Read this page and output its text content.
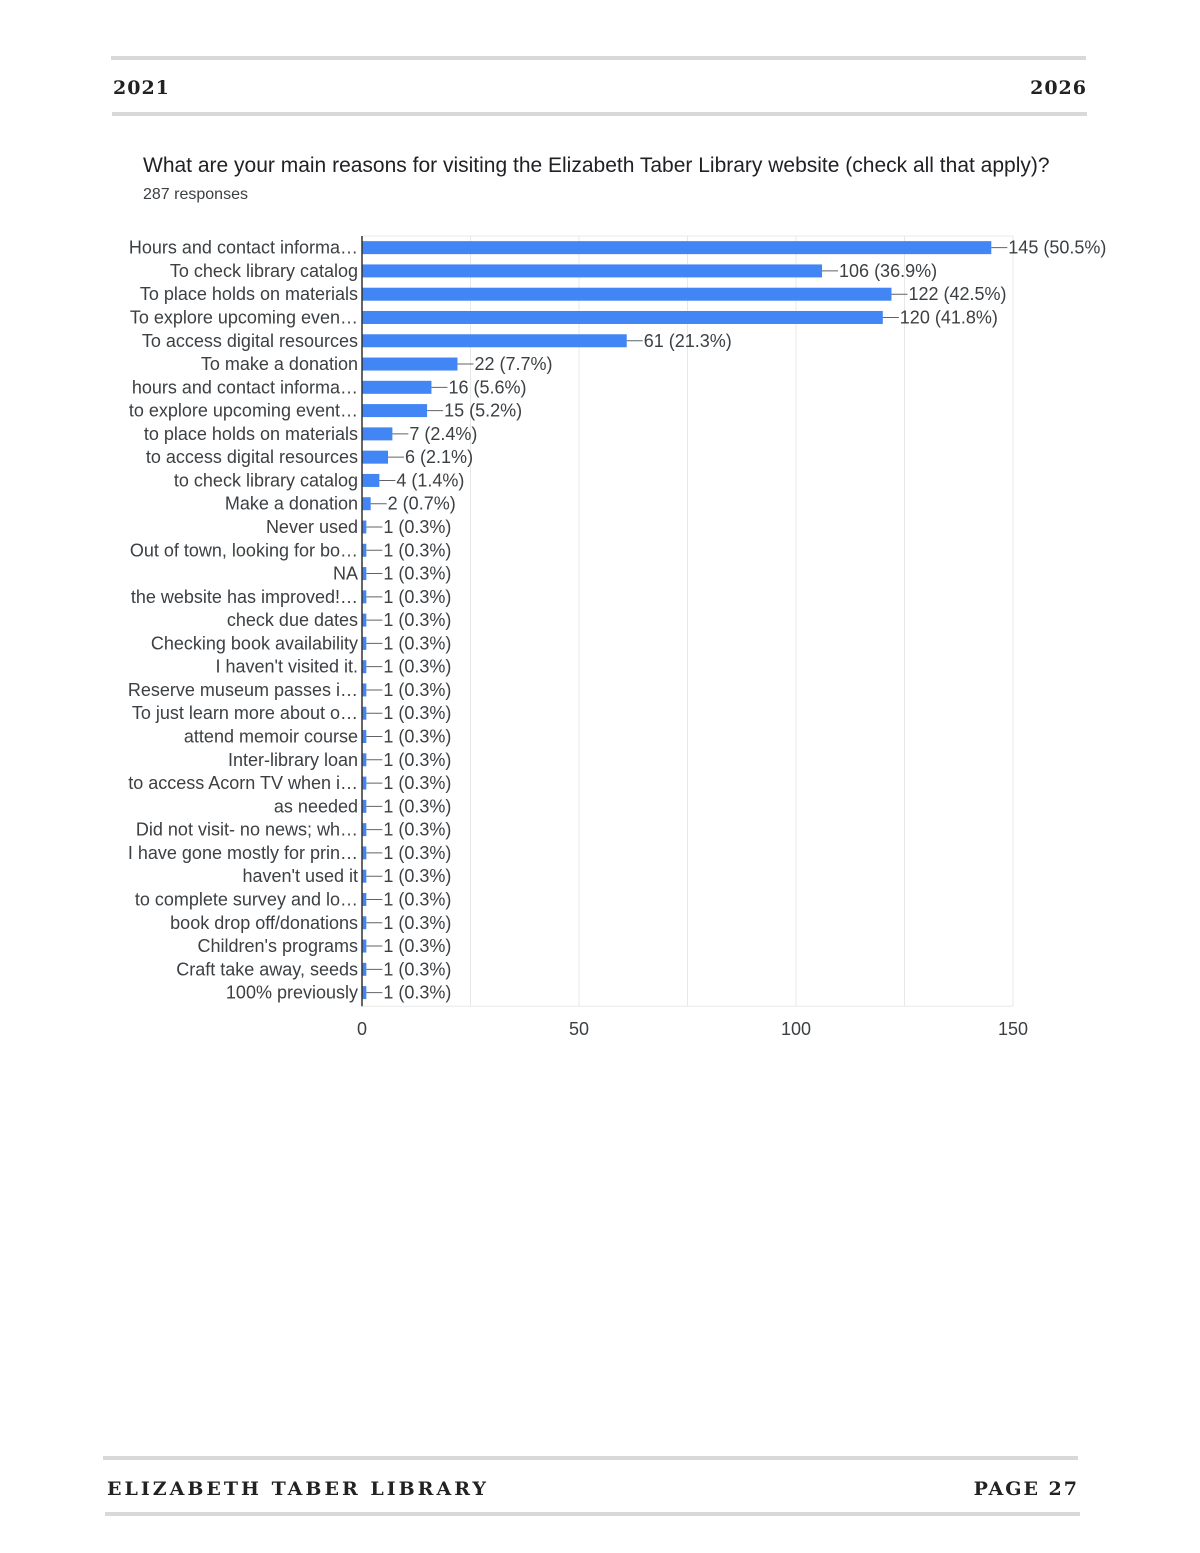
2021	2026
What are your main reasons for visiting the Elizabeth Taber Library website (check all that apply)?
287 responses
Hours and contact informa…	145 (50.5%)
To check library catalog	106 (36.9%)
To place holds on materials	122 (42.5%)
To explore upcoming even…	120 (41.8%)
To access digital resources	61 (21.3%)
To make a donation	22 (7.7%)
hours and contact informa…	16 (5.6%)
to explore upcoming event…	15 (5.2%)
to place holds on materials	7 (2.4%)
to access digital resources	6 (2.1%)
to check library catalog 4 (1.4%)
Make a donation 2 (0.7%)
Never used 1 (0.3%)
Out of town, looking for bo… 1 (0.3%)
NA 1 (0.3%)
the website has improved!… 1 (0.3%)
check due dates 1 (0.3%)
Checking book availability 1 (0.3%)
I haven't visited it. 1 (0.3%)
Reserve museum passes i… 1 (0.3%)
To just learn more about o… 1 (0.3%)
attend memoir course 1 (0.3%)
Inter-library loan 1 (0.3%)
to access Acorn TV when i… 1 (0.3%)
as needed 1 (0.3%)
Did not visit- no news; wh… 1 (0.3%)
I have gone mostly for prin… 1 (0.3%)
haven't used it 1 (0.3%)
to complete survey and lo… 1 (0.3%)
book drop off/donations 1 (0.3%)
Children's programs 1 (0.3%)
Craft take away, seeds 1 (0.3%)
100% previously 1 (0.3%)
0	50	100	150
ELIZABETH TABER LIBRARY	PAGE 27
